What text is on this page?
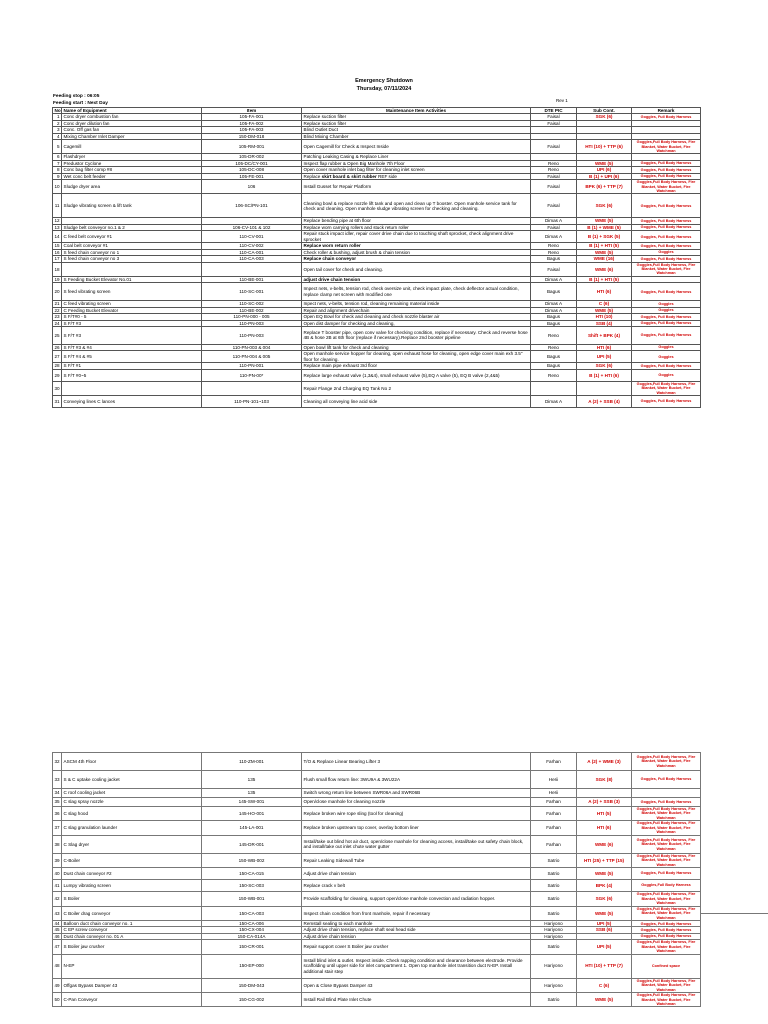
Emergency Shutdown
Thursday, 07/11/2024
Feeding stop : 06:05
Feeding start : Next Day
Rev 1
No	Name of Equipment	Item	Maintenance Item Activities	DTE PIC	Sub Cont.	Remark	
1	Conc dryer combustion fan	105-FA-001	Replace suction filter	Faisal	SGK (6)	Goggles, Full Body Harness	
2	Conc dryer dilution fan	105-FA-002	Replace suction filter	Faisal			
3	Conc. Off gas fan	105-FA-003	Blind Outlet Duct				
4	Mixing Chamber Inlet Damper	150-DM-018	Blind Mixing Chamber				
5	Cagemill	105-RM-001	Open Cagemill for Check & Inspect Inside	Faisal	HTI (10) + TTP (6)	Goggles,Full Body Harness, Fire Blanket, Water Bucket, Fire Watchman	
6	Flashdryer	105-DR-002	Patching Leaking Casing & Replace Liner				
7	Predustor Cyclone	105-DC/CY-001	Inspect flap rubber & Open Big Manhole 7th Floor	Reno	WME (5)	Goggles, Full Body Harness	
8	Conc bag filter comp #8	105-DC-008	Open cover manhole inlet bag filter for cleaning inlet screen	Reno	UPI (6)	Goggles, Full Body Harness	
9	Wet conc belt feeder	105-FE-001	Replace skirt board & skirt rubber REF side	Faisal	B (1) + UPI (6)	Goggles, Full Body Harness	
10	Sludge dryer area	106	Install Gusset for Repair Platform	Faisal	BPK (6) + TTP (7)	Goggles,Full Body Harness, Fire Blanket, Water Bucket, Fire Watchman	
11	Sludge vibrating screen & lift tank	106-SC/PN-101	Cleaning bowl & replace nozzle lift tank and open and clean up T booster. Open manhole service tank for check and cleaning. Open manhole sludge vibrating screen for checking and cleaning.	Faisal	SGK (6)	Goggles, Full Body Harness	
12			Replace bending pipe at 6th floor	Dimas A	WME (5)	Goggles, Full Body Harness	
13	Sludge belt conveyor no.1 & 2	106-CV-101 & 102	Replace worn carrying rollers and stuck return roller	Faisal	B (1) + WME (5)	Goggles, Full Body Harness	
14	C feed belt conveyor #1	110-CV-001	Repair stuck impact idler, repair cover drive chain due to touching shaft sprocket, check alignment drive sprocket	Dimas A	B (1) + SGK (5)	Goggles, Full Body Harness	
15	Coal belt conveyor #1	110-CV-002	Replace worn return roller	Reno	B (1) + HTI (5)	Goggles, Full Body Harness	
16	S feed chain conveyor no 1	110-CA-001	Check roller & bushing, adjust brush & chain tension	Reno	WME (5)	Goggles	
17	S feed chain conveyor no 3	110-CA-003	Replace chain conveyor	Bagus	WME (16)	Goggles, Full Body Harness	
18			Open tail cover for check and cleaning.	Faisal	WME (6)	Goggles,Full Body Harness, Fire Blanket, Water Bucket, Fire Watchman	
19	S Feeding Bucket Elevator No.01	110-BE-001	adjust drive chain tension	Dimas A	B (1) + HTI (5)		
20	S feed vibrating screen	110-SC-001	Impect nets, v-belts, tension rod, check oversize unit, check impact plate, check deflector actual condition, replace clamp net screen with modified one	Bagus	HTI (6)	Goggles, Full Body Harness	
21	C feed vibrating screen	110-SC-002	Inpect nets, v-belts, tension rod, cleaning remaining material inside	Dimas A	C (6)	Goggles	
22	C Feeding Bucket Elevator	110-BE-002	Repair and alignment drivechain	Dimas A	WME (5)	Goggles	
23	S F/T#0 - 5	110-PN-000 - 005	Open EQ Bowl for check and cleaning and check nozzle blaster air	Bagus	HTI (10)	Goggles, Full Body Harness	
24	S F/T #3	110-PN-003	Open dist damper for checking and cleaning,	Bagus	SSB (4)	Goggles, Full Body Harness	
25	S F/T #3	110-PN-003	Replace T booster pipe, open conv valve for checking condition, replace if necessary. Check and reverse hose 4B & hose 2B at 6th floor (replace if necessary).Replace 2nd booster pipeline	Reno	Shift + BPK (4)	Goggles, Full Body Harness	
26	S F/T #3 & #4	110-PN-003 & 004	Open bowl lift tank for check and cleaning	Reno	HTI (6)	Goggles	
27	S F/T #4 & #5	110-PN-004 & 005	Open manhole service hopper for cleaning, open exhaust hose for cleaning, open edge cover main exh 3.5" floor for cleaning.	Bagus	UPI (5)	Goggles	
28	S F/T #1	110-PN-001	Replace main pipe exhaust 3rd floor	Bagus	SGK (6)	Goggles, Full Body Harness	
29	S F/T #0~5	110-PN-00*	Replace large exhaust valve (1,3&4), small exhaust valve (5),EQ A valve (5), EQ B valve (2,4&5)	Reno	B (1) + HTI (6)	Goggles	
30			Repair Flange 2nd Charging EQ Tank No 2			Goggles,Full Body Harness, Fire Blanket, Water Bucket, Fire Watchman	
31	Conveying lines C lances	110-PN-101~103	Cleaning all conveying line acid side	Dimas A	A (2) + SSB (4)	Goggles, Full Body Harness	
32	ASCM 4th Floor	110-ZM-001	T/O & Replace Linear Bearing Lifter 3	Farhan	A (2) + WME (3)	Goggles,Full Body Harness, Fire Blanket, Water Bucket, Fire Watchman	
33	S & C uptake cooling jacket	135	Flush small flow return line: 3WU9A & 3WU22A	Herii	SGK (8)	Goggles, Full Body Harness	
34	C roof cooling jacket	135	Switch wrong return line between SWR06A and SWR06B	Herii			
35	C slag spray nozzle	145-SW-001	Open/close manhole for cleaning nozzle	Farhan	A (2) + SSB (3)	Goggles, Full Body Harness	
36	C slag hood	145-HO-001	Replace broken wire rope sling (tool for cleaning)	Farhan	HTI (5)	Goggles,Full Body Harness, Fire Blanket, Water Bucket, Fire Watchman	
37	C slag granulation launder	145-LA-001	Replace broken upstream top cover, overlay bottom liner	Farhan	HTI (6)	Goggles,Full Body Harness, Fire Blanket, Water Bucket, Fire Watchman	
38	C Slag dryer	145-DR-001	Install/take out blind hot air duct, open/close manhole for cleaning access, install/take out safety chain block, and install/take out inlet chute water gutter	Farhan	WME (6)	Goggles,Full Body Harness, Fire Blanket, Water Bucket, Fire Watchman	
39	C-Boiler	150-WB-002	Repair Leaking Sidewall Tube	Satrio	HTI (25) + TTP (15)	Goggles,Full Body Harness, Fire Blanket, Water Bucket, Fire Watchman	
40	Dust chain conveyor #2	150-CA-015	Adjust drive chain tension	Satrio	WME (5)	Goggles, Full Body Harness	
41	Lumpy vibrating screen	150-SC-003	Replace crack v belt	Satrio	BPK (4)	Goggles,Full Body Harness	
42	S Boiler	150-WB-001	Provide scaffolding for cleaning, support open/close manhole convection and radiation hopper.	Satrio	SGK (6)	Goggles,Full Body Harness, Fire Blanket, Water Bucket, Fire Watchman	
43	C Boiler drag conveyor	150-CA-003	Inspect chain condition from front manhole, repair if necessary	Satrio	WME (5)	Goggles,Full Body Harness, Fire Blanket, Water Bucket, Fire Watchman	
44	Balloon duct chain conveyor no. 1	150-CA-006	Remstall sealing to each manhole	Hariyono	UPI (5)	Goggles, Full Body Harness	
45	C EP screw conveyor	150-CX-004	Adjust drive chain tension, replace shaft seal head side	Hariyono	SSB (6)	Goggles, Full Body Harness	
46	Dust chain conveyor no. 01 A	150-CA-014A	Adjust drive chain tension	Hariyono		Goggles, Full Body Harness	
47	S Boiler jaw crusher	150-CR-001	Repair support cover S Boiler jaw crusher	Satrio	UPI (5)	Goggles,Full Body Harness, Fire Blanket, Water Bucket, Fire Watchman	
48	N-EP	150-EP-000	Install blind inlet & outlet. Inspect inside. Check rapping condition and clearance between electrode. Provide scaffolding until upper side for inlet compartment 1. Open top manhole inlet transition duct N-EP. Install additional stair step	Hariyono	HTI (10) + TTP (7)	Confined space	
49	Offgas Bypass Damper 43	150-DM-043	Open & Close Bypass Damper 43	Hariyono	C (6)	Goggles,Full Body Harness, Fire Blanket, Water Bucket, Fire Watchman	
50	C-Pan Conveyor	150-CG-002	Install Rail Blind Plate Inlet Chute	Satrio	WME (5)	Goggles,Full Body Harness, Fire Blanket, Water Bucket, Fire Watchman	
